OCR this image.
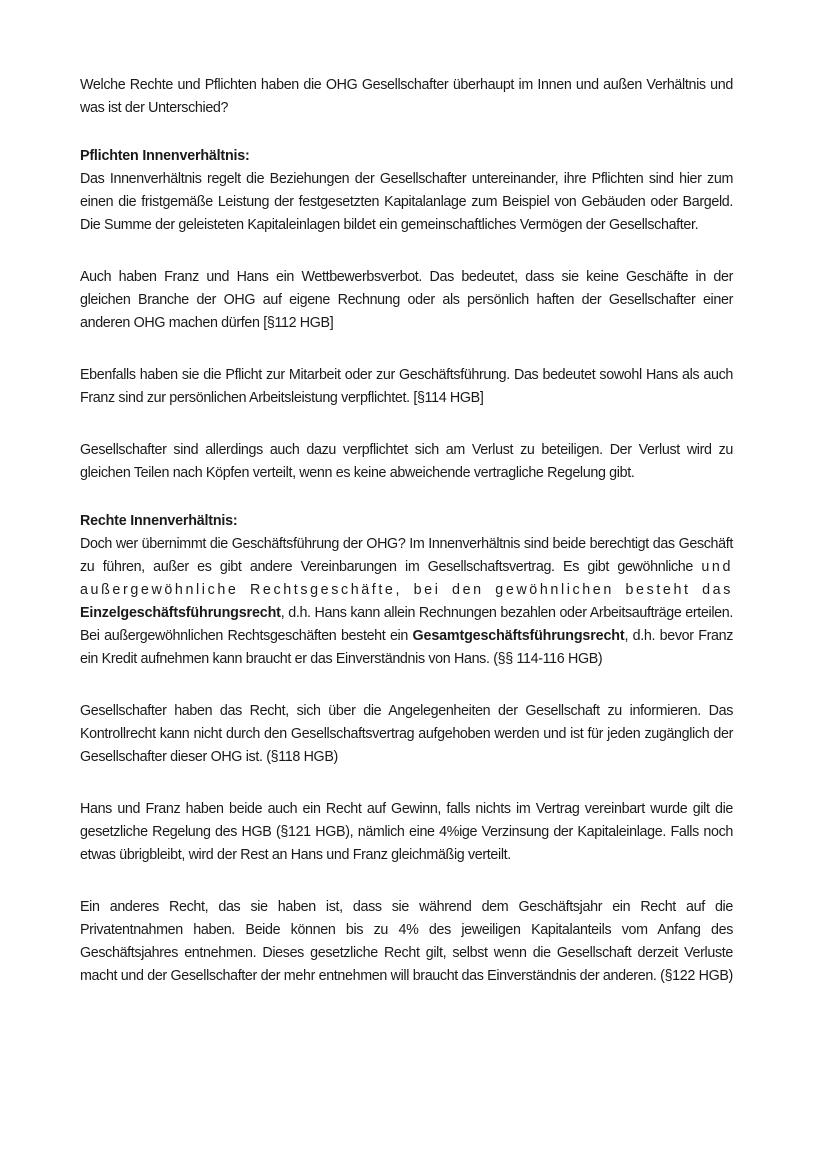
Welche Rechte und Pflichten haben die OHG Gesellschafter überhaupt im Innen und außen Verhältnis und was ist der Unterschied?

Pflichten Innenverhältnis:

Das Innenverhältnis regelt die Beziehungen der Gesellschafter untereinander, ihre Pflichten sind hier zum einen die fristgemäße Leistung der festgesetzten Kapitalanlage zum Beispiel von Gebäuden oder Bargeld. Die Summe der geleisteten Kapitaleinlagen bildet ein gemeinschaftliches Vermögen der Gesellschafter.

Auch haben Franz und Hans ein Wettbewerbsverbot. Das bedeutet, dass sie keine Geschäfte in der gleichen Branche der OHG auf eigene Rechnung oder als persönlich haften der Gesellschafter einer anderen OHG machen dürfen [§112 HGB]

Ebenfalls haben sie die Pflicht zur Mitarbeit oder zur Geschäftsführung. Das bedeutet sowohl Hans als auch Franz sind zur persönlichen Arbeitsleistung verpflichtet. [§114 HGB]

Gesellschafter sind allerdings auch dazu verpflichtet sich am Verlust zu beteiligen. Der Verlust wird zu gleichen Teilen nach Köpfen verteilt, wenn es keine abweichende vertragliche Regelung gibt.

Rechte Innenverhältnis:

Doch wer übernimmt die Geschäftsführung der OHG? Im Innenverhältnis sind beide berechtigt das Geschäft zu führen, außer es gibt andere Vereinbarungen im Gesellschaftsvertrag. Es gibt gewöhnliche und außergewöhnliche Rechtsgeschäfte, bei den gewöhnlichen besteht das Einzelgeschäftsführungsrecht, d.h. Hans kann allein Rechnungen bezahlen oder Arbeitsaufträge erteilen. Bei außergewöhnlichen Rechtsgeschäften besteht ein Gesamtgeschäftsführungsrecht, d.h. bevor Franz ein Kredit aufnehmen kann braucht er das Einverständnis von Hans. (§§ 114-116 HGB)

Gesellschafter haben das Recht, sich über die Angelegenheiten der Gesellschaft zu informieren. Das Kontrollrecht kann nicht durch den Gesellschaftsvertrag aufgehoben werden und ist für jeden zugänglich der Gesellschafter dieser OHG ist. (§118 HGB)

Hans und Franz haben beide auch ein Recht auf Gewinn, falls nichts im Vertrag vereinbart wurde gilt die gesetzliche Regelung des HGB (§121 HGB), nämlich eine 4%ige Verzinsung der Kapitaleinlage. Falls noch etwas übrigbleibt, wird der Rest an Hans und Franz gleichmäßig verteilt.

Ein anderes Recht, das sie haben ist, dass sie während dem Geschäftsjahr ein Recht auf die Privatentnahmen haben. Beide können bis zu 4% des jeweiligen Kapitalanteils vom Anfang des Geschäftsjahres entnehmen. Dieses gesetzliche Recht gilt, selbst wenn die Gesellschaft derzeit Verluste macht und der Gesellschafter der mehr entnehmen will braucht das Einverständnis der anderen. (§122 HGB)
